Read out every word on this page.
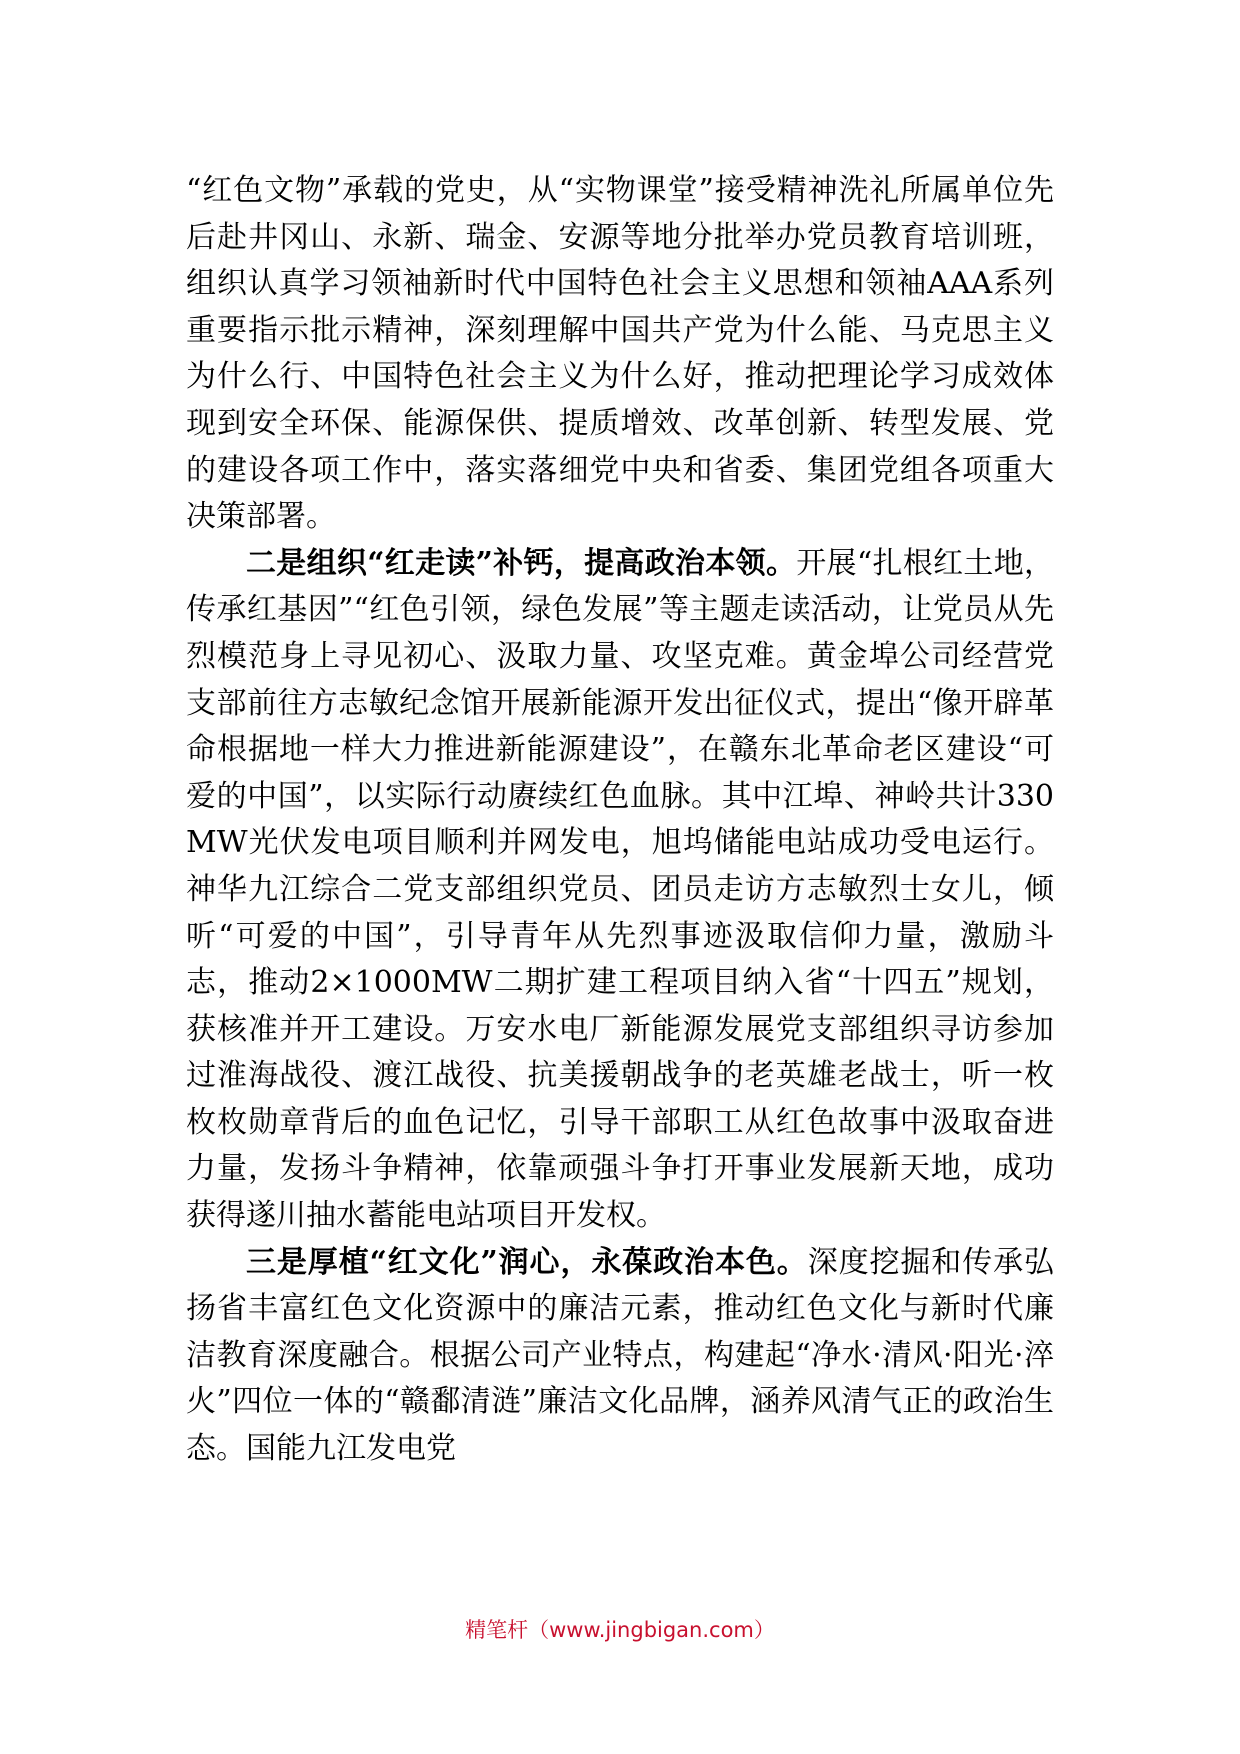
“红色文物”承载的党史，从“实物课堂”接受精神洗礼所属单位先后赴井冈山、永新、瑞金、安源等地分批举办党员教育培训班，组织认真学习领袖新时代中国特色社会主义思想和领袖AAA系列重要指示批示精神，深刻理解中国共产党为什么能、马克思主义为什么行、中国特色社会主义为什么好，推动把理论学习成效体现到安全环保、能源保供、提质增效、改革创新、转型发展、党的建设各项工作中，落实落细党中央和省委、集团党组各项重大决策部署。

二是组织“红走读”补钙，提高政治本领。开展“扎根红土地，传承红基因”“红色引领，绿色发展”等主题走读活动，让党员从先烈模范身上寻见初心、汲取力量、攻坚克难。黄金埠公司经营党支部前往方志敏纪念馆开展新能源开发出征仪式，提出“像开辟革命根据地一样大力推进新能源建设”，在赣东北革命老区建设“可爱的中国”，以实际行动赓续红色血脉。其中江埠、神岭共计330MW光伏发电项目顺利并网发电，旭坞储能电站成功受电运行。神华九江综合二党支部组织党员、团员走访方志敏烈士女儿，倾听“可爱的中国”，引导青年从先烈事迹汲取信仰力量，激励斗志，推动2×1000MW二期扩建工程项目纳入省“十四五”规划，获核准并开工建设。万安水电厂新能源发展党支部组织寻访参加过淮海战役、渡江战役、抗美援朝战争的老英雄老战士，听一枚枚枚勋章背后的血色记忆，引导干部职工从红色故事中汲取奋进力量，发扬斗争精神，依靠顽强斗争打开事业发展新天地，成功获得遂川抽水蓄能电站项目开发权。

三是厚植“红文化”润心，永葆政治本色。深度挖掘和传承弘扬省丰富红色文化资源中的廉洁元素，推动红色文化与新时代廉洁教育深度融合。根据公司产业特点，构建起“净水·清风·阳光·淬火”四位一体的“赣鄱清涟”廉洁文化品牌，涵养风清气正的政治生态。国能九江发电党

精笔杆（www.jingbigan.com）
